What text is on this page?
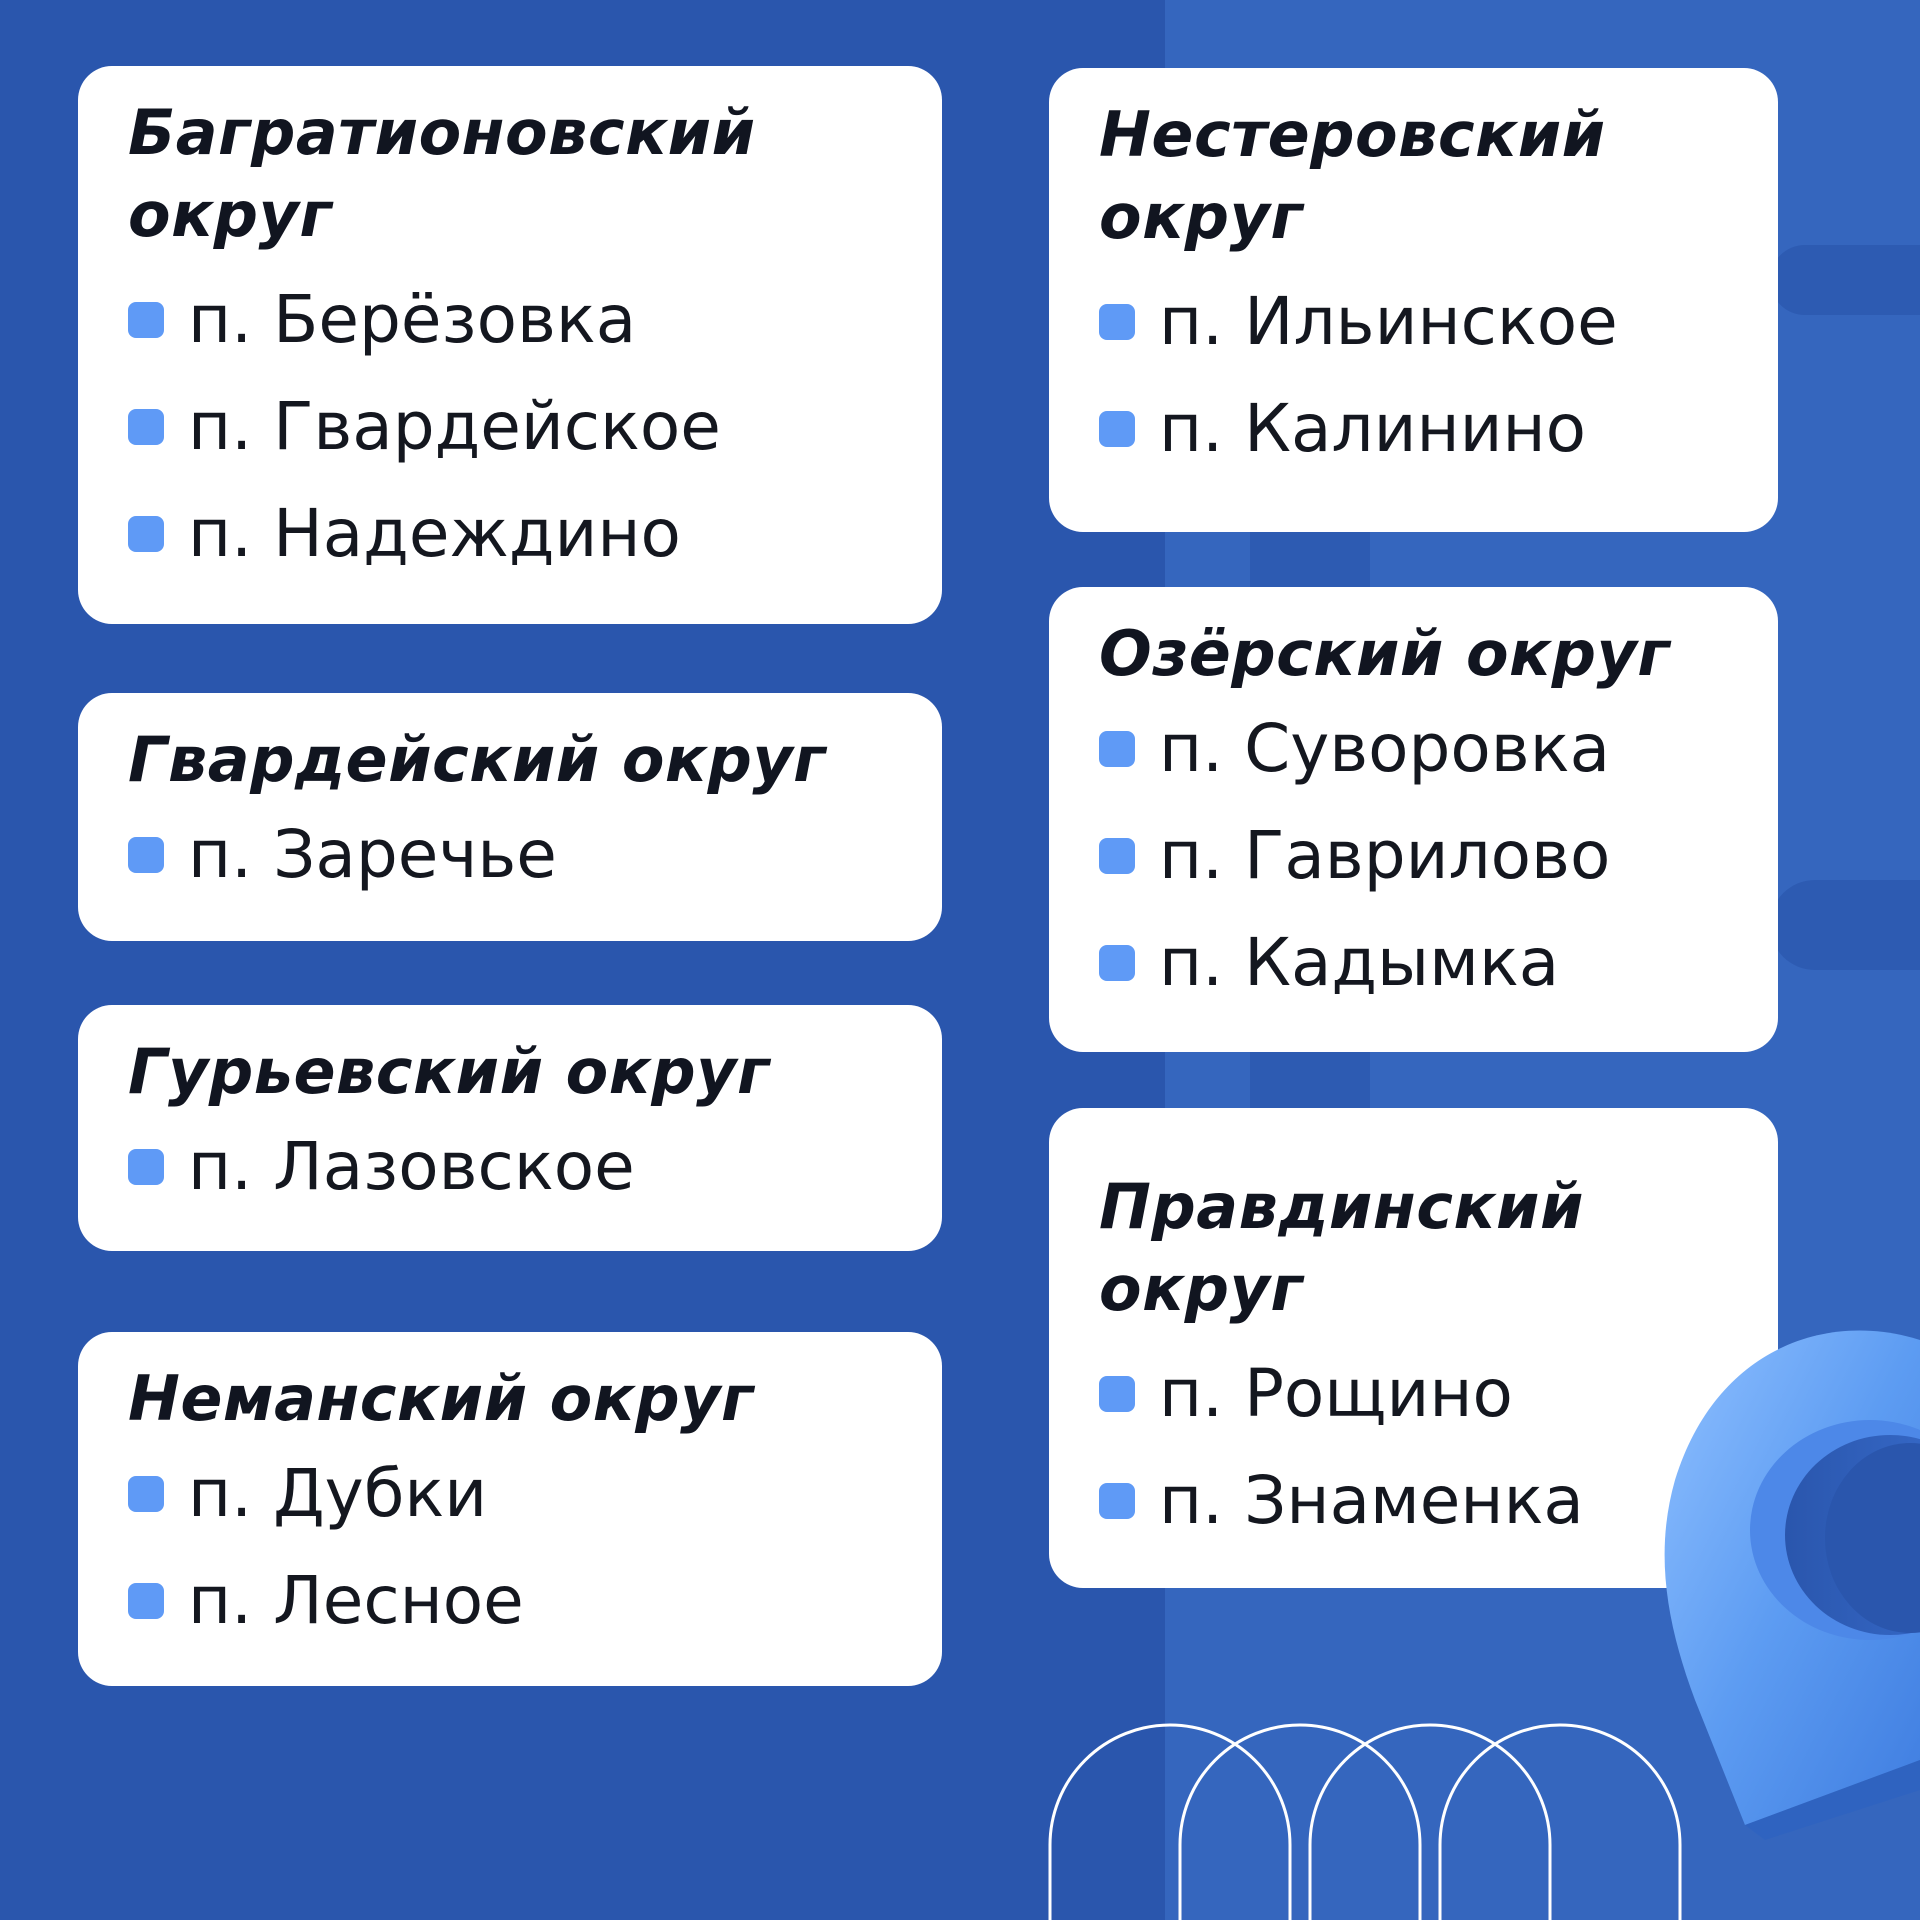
Багратионовский округ
п. Берёзовка
п. Гвардейское
п. Надеждино
Гвардейский округ
п. Заречье
Гурьевский округ
п. Лазовское
Неманский округ
п. Дубки
п. Лесное
Нестеровский округ
п. Ильинское
п. Калинино
Озёрский округ
п. Суворовка
п. Гаврилово
п. Кадымка
Правдинский округ
п. Рощино
п. Знаменка
